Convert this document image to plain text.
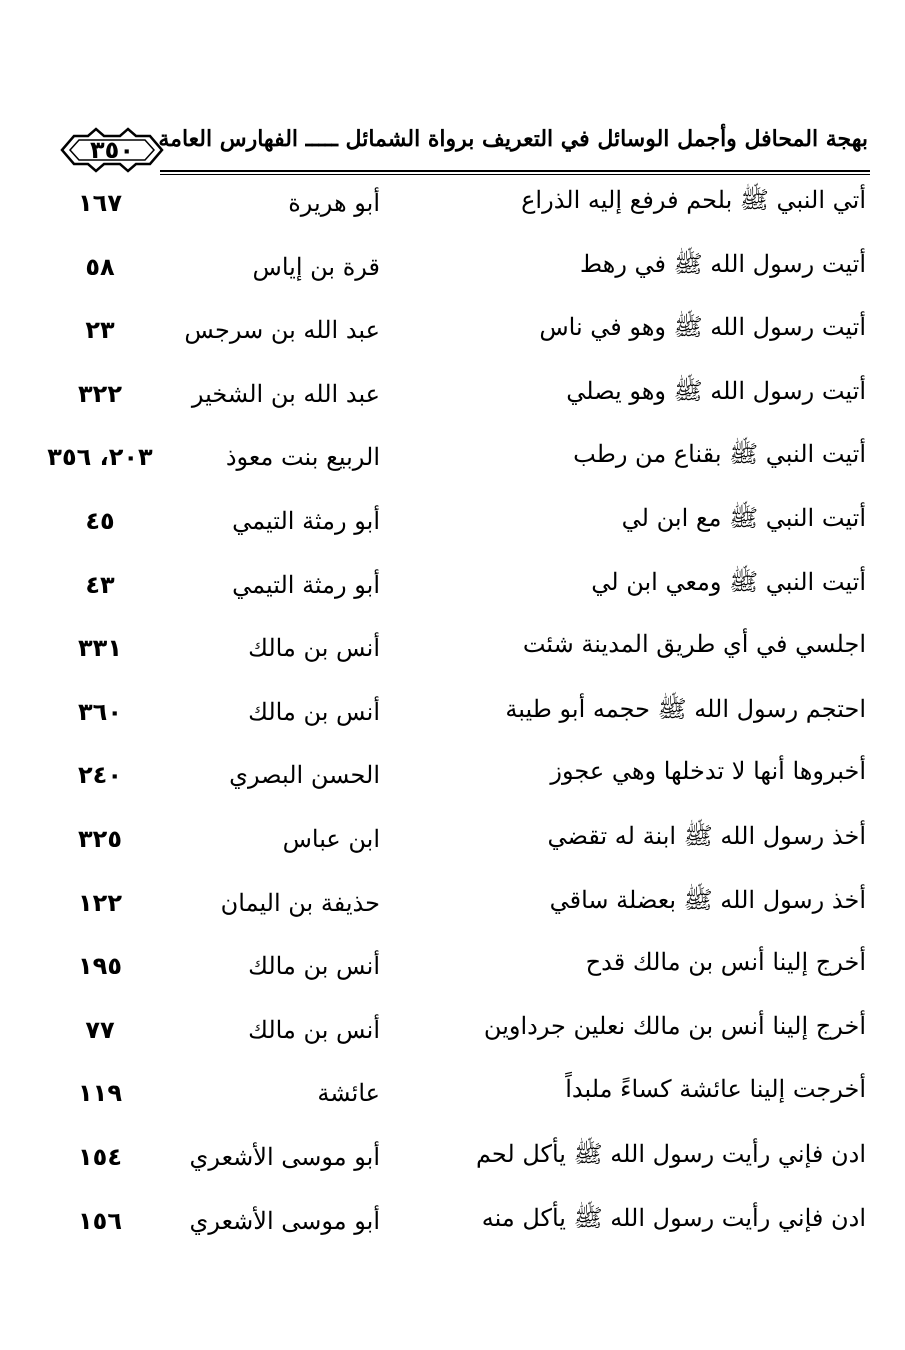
بهجة المحافل وأجمل الوسائل في التعريف برواة الشمائل ـــــ الفهارس العامة
٣٥٠
أتي النبي ﷺ بلحم فرفع إليه الذراع
أبو هريرة
١٦٧
أتيت رسول الله ﷺ في رهط
قرة بن إياس
٥٨
أتيت رسول الله ﷺ وهو في ناس
عبد الله بن سرجس
٢٣
أتيت رسول الله ﷺ وهو يصلي
عبد الله بن الشخير
٣٢٢
أتيت النبي ﷺ بقناع من رطب
الربيع بنت معوذ
٢٠٣، ٣٥٦
أتيت النبي ﷺ مع ابن لي
أبو رمثة التيمي
٤٥
أتيت النبي ﷺ ومعي ابن لي
أبو رمثة التيمي
٤٣
اجلسي في أي طريق المدينة شئت
أنس بن مالك
٣٣١
احتجم رسول الله ﷺ حجمه أبو طيبة
أنس بن مالك
٣٦٠
أخبروها أنها لا تدخلها وهي عجوز
الحسن البصري
٢٤٠
أخذ رسول الله ﷺ ابنة له تقضي
ابن عباس
٣٢٥
أخذ رسول الله ﷺ بعضلة ساقي
حذيفة بن اليمان
١٢٢
أخرج إلينا أنس بن مالك قدح
أنس بن مالك
١٩٥
أخرج إلينا أنس بن مالك نعلين جرداوين
أنس بن مالك
٧٧
أخرجت إلينا عائشة كساءً ملبداً
عائشة
١١٩
ادن فإني رأيت رسول الله ﷺ يأكل لحم
أبو موسى الأشعري
١٥٤
ادن فإني رأيت رسول الله ﷺ يأكل منه
أبو موسى الأشعري
١٥٦
